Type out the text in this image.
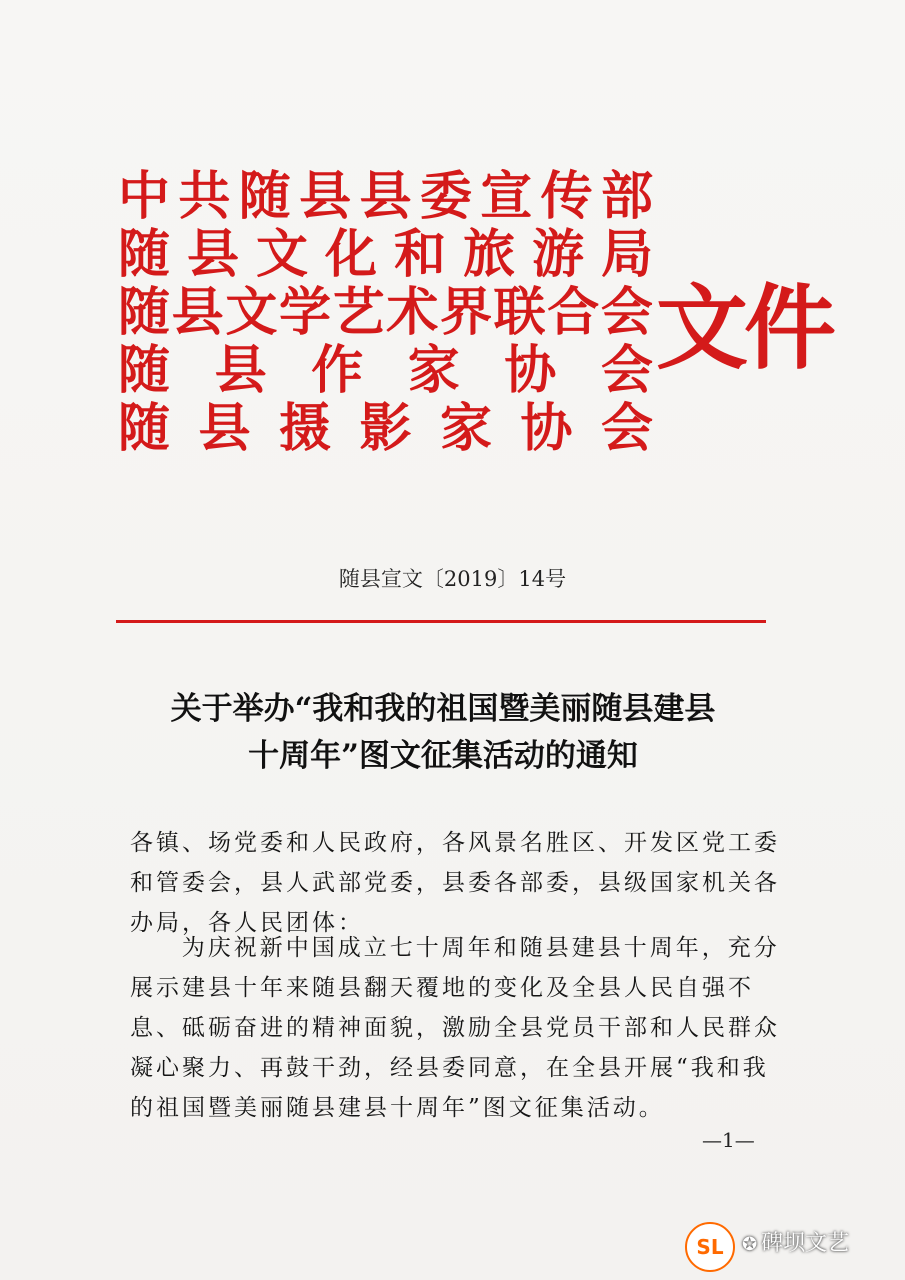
中 共 随 县 县 委 宣 传 部
随 县 文 化 和 旅 游 局
随 县 文 学 艺 术 界 联 合 会
随 县 作 家 协 会
随 县 摄 影 家 协 会
文件
随县宣文〔2019〕14号
关于举办“我和我的祖国暨美丽随县建县
十周年”图文征集活动的通知
各镇、场党委和人民政府，各风景名胜区、开发区党工委和管委会，县人武部党委，县委各部委，县级国家机关各办局，各人民团体：
为庆祝新中国成立七十周年和随县建县十周年，充分展示建县十年来随县翻天覆地的变化及全县人民自强不息、砥砺奋进的精神面貌，激励全县党员干部和人民群众凝心聚力、再鼓干劲，经县委同意，在全县开展“我和我的祖国暨美丽随县建县十周年”图文征集活动。
—1—
SL	✪ 碑坝文艺
